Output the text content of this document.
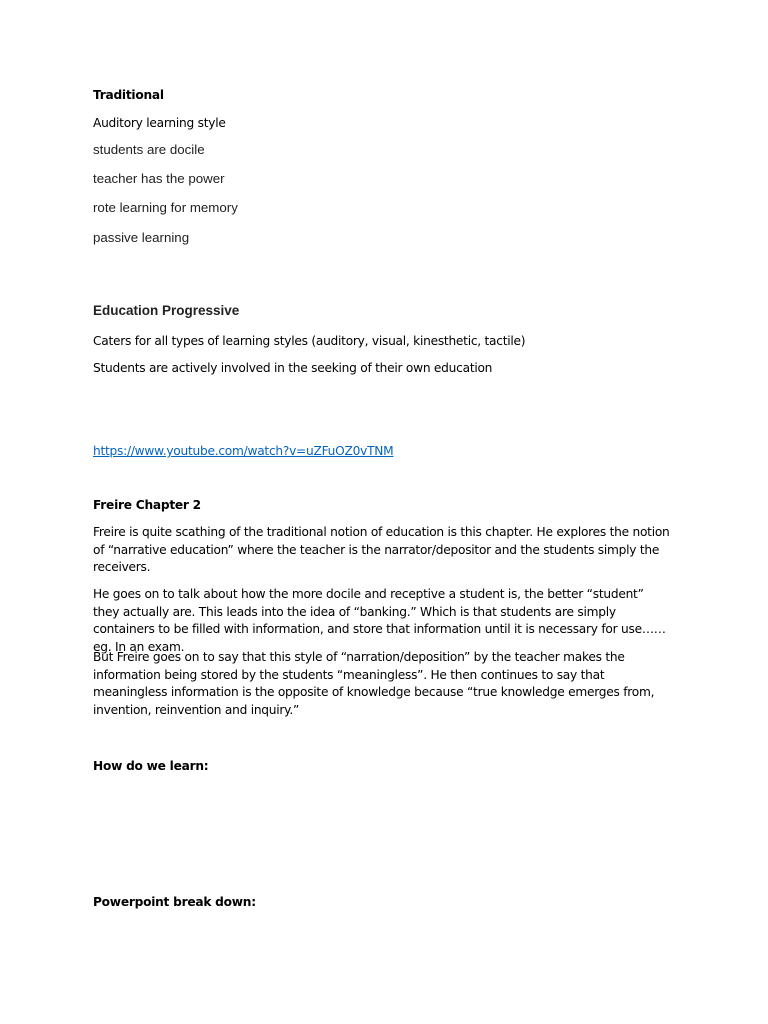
Traditional
Auditory learning style
students are docile
teacher has the power
rote learning for memory
passive learning
Education Progressive
Caters for all types of learning styles (auditory, visual, kinesthetic, tactile)
Students are actively involved in the seeking of their own education
https://www.youtube.com/watch?v=uZFuOZ0vTNM
Freire Chapter 2

Freire is quite scathing of the traditional notion of education is this chapter. He explores the notion of “narrative education” where the teacher is the narrator/depositor and the students simply the receivers.

He goes on to talk about how the more docile and receptive a student is, the better “student” they actually are. This leads into the idea of “banking.” Which is that students are simply containers to be filled with information, and store that information until it is necessary for use……eg. In an exam.

But Freire goes on to say that this style of “narration/deposition” by the teacher makes the information being stored by the students “meaningless”. He then continues to say that meaningless information is the opposite of knowledge because “true knowledge emerges from, invention, reinvention and inquiry.”

How do we learn:
Powerpoint break down:
